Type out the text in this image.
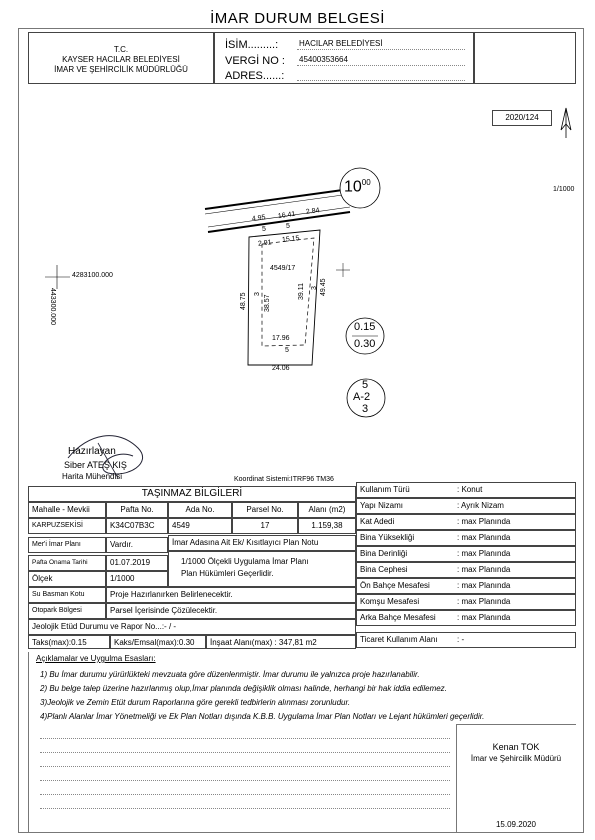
İMAR DURUM BELGESİ
T.C.
KAYSER HACILAR BELEDİYESİ
İMAR VE ŞEHİRCİLİK MÜDÜRLÜĞÜ
İSİM.........:	HACILAR BELEDİYESİ
VERGİ NO : 45400353664
ADRES......:
2020/124
$10^{00}$
1/1000
4283100.000
443300.000
4.95 16.41 2.84
5	5
2.91 15.15
4549/17
48.75 3
38.57
39.11 3 49.45
17.96
5
24.06
0.15
0.30
5
A-2
3
Hazırlayan
Siber ATEŞ KIŞ
Harita Mühendisi	Koordinat Sistemi:ITRF96 TM36
TAŞINMAZ BİLGİLERİ
Mahalle - Mevkii	Pafta No.	Ada No.	Parsel No.	Alanı (m2)
KARPUZSEKİSİ	K34C07B3C	4549	17	1.159,38
Mer'i İmar Planı	Vardır.	İmar Adasına Ait Ek/ Kısıtlayıcı Plan Notu
Pafta Onama Tarihi	01.07.2019	1/1000 Ölçekli Uygulama İmar Planı
Plan Hükümleri Geçerlidir.
Ölçek	1/1000
Su Basman Kotu	Proje Hazırlanırken Belirlenecektir.
Otopark Bölgesi	Parsel İçerisinde Çözülecektir.
Jeolojik Etüd Durumu ve Rapor No...:- / -
Taks(max):0.15	Kaks/Emsal(max):0.30	İnşaat Alanı(max) : 347,81 m2
Kullanım Türü	: Konut
Yapı Nizamı	: Ayrık Nizam
Kat Adedi	: max Planında
Bina Yüksekliği	: max Planında
Bina Derinliği	: max Planında
Bina Cephesi	: max Planında
Ön Bahçe Mesafesi	: max Planında
Komşu Mesafesi	: max Planında
Arka Bahçe Mesafesi	: max Planında
Ticaret Kullanım Alanı	: -
Açıklamalar ve Uygulma Esasları:
1) Bu İmar durumu yürürlükteki mevzuata göre düzenlenmiştir. İmar durumu ile yalnızca proje hazırlanabilir.
2) Bu belge talep üzerine hazırlanmış olup,İmar planında değişiklik olması halinde, herhangi bir hak iddia edilemez.
3)Jeolojik ve Zemin Etüt durum Raporlarına göre gerekli tedbirlerin alınması zorunludur.
4)Planlı Alanlar İmar Yönetmeliği ve Ek Plan Notları dışında K.B.B. Uygulama İmar Plan Notları ve Lejant hükümleri geçerlidir.
Kenan TOK
İmar ve Şehircilik Müdürü
15.09.2020
